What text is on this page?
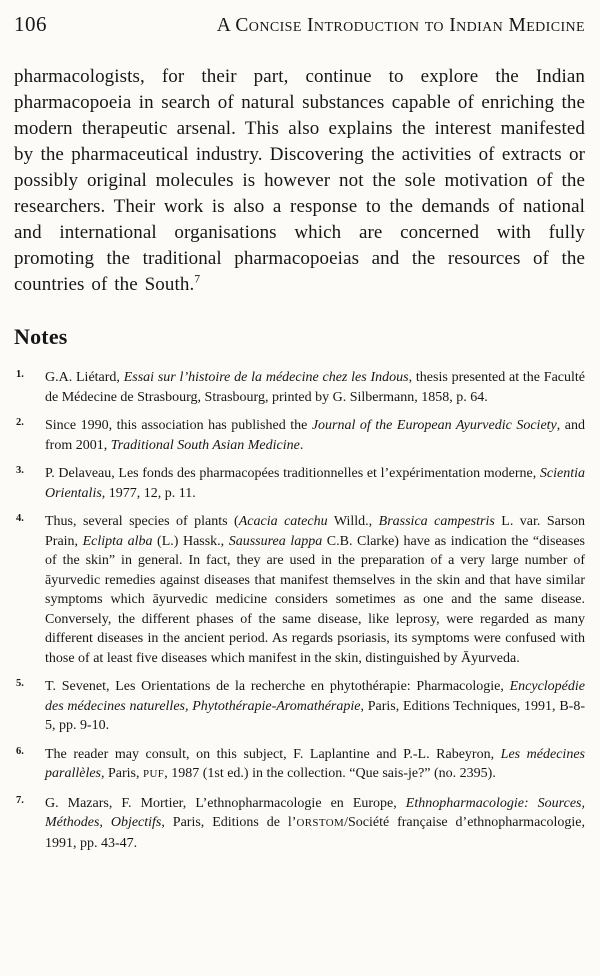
106	A Concise Introduction to Indian Medicine

pharmacologists, for their part, continue to explore the Indian pharmacopoeia in search of natural substances capable of enriching the modern therapeutic arsenal. This also explains the interest manifested by the pharmaceutical industry. Discovering the activities of extracts or possibly original molecules is however not the sole motivation of the researchers. Their work is also a response to the demands of national and international organisations which are concerned with fully promoting the traditional pharmacopoeias and the resources of the countries of the South.$^7$

Notes
1.	G.A. Liétard, Essai sur l’histoire de la médecine chez les Indous, thesis presented at the Faculté de Médecine de Strasbourg, Strasbourg, printed by G. Silbermann, 1858, p. 64.
2.	Since 1990, this association has published the Journal of the European Ayurvedic Society, and from 2001, Traditional South Asian Medicine.
3.	P. Delaveau, Les fonds des pharmacopées traditionnelles et l’expérimentation moderne, Scientia Orientalis, 1977, 12, p. 11.
4.	Thus, several species of plants (Acacia catechu Willd., Brassica campestris L. var. Sarson Prain, Eclipta alba (L.) Hassk., Saussurea lappa C.B. Clarke) have as indication the “diseases of the skin” in general. In fact, they are used in the preparation of a very large number of āyurvedic remedies against diseases that manifest themselves in the skin and that have similar symptoms which āyurvedic medicine considers sometimes as one and the same disease. Conversely, the different phases of the same disease, like leprosy, were regarded as many different diseases in the ancient period. As regards psoriasis, its symptoms were confused with those of at least five diseases which manifest in the skin, distinguished by Āyurveda.
5.	T. Sevenet, Les Orientations de la recherche en phytothérapie: Pharmacologie, Encyclopédie des médecines naturelles, Phytothérapie-Aromathérapie, Paris, Editions Techniques, 1991, B-8-5, pp. 9-10.
6.	The reader may consult, on this subject, F. Laplantine and P.-L. Rabeyron, Les médecines parallèles, Paris, PUF, 1987 (1st ed.) in the collection. “Que sais-je?” (no. 2395).
7.	G. Mazars, F. Mortier, L’ethnopharmacologie en Europe, Ethnopharmacologie: Sources, Méthodes, Objectifs, Paris, Editions de l’ORSTOM/Société française d’ethnopharmacologie, 1991, pp. 43-47.
